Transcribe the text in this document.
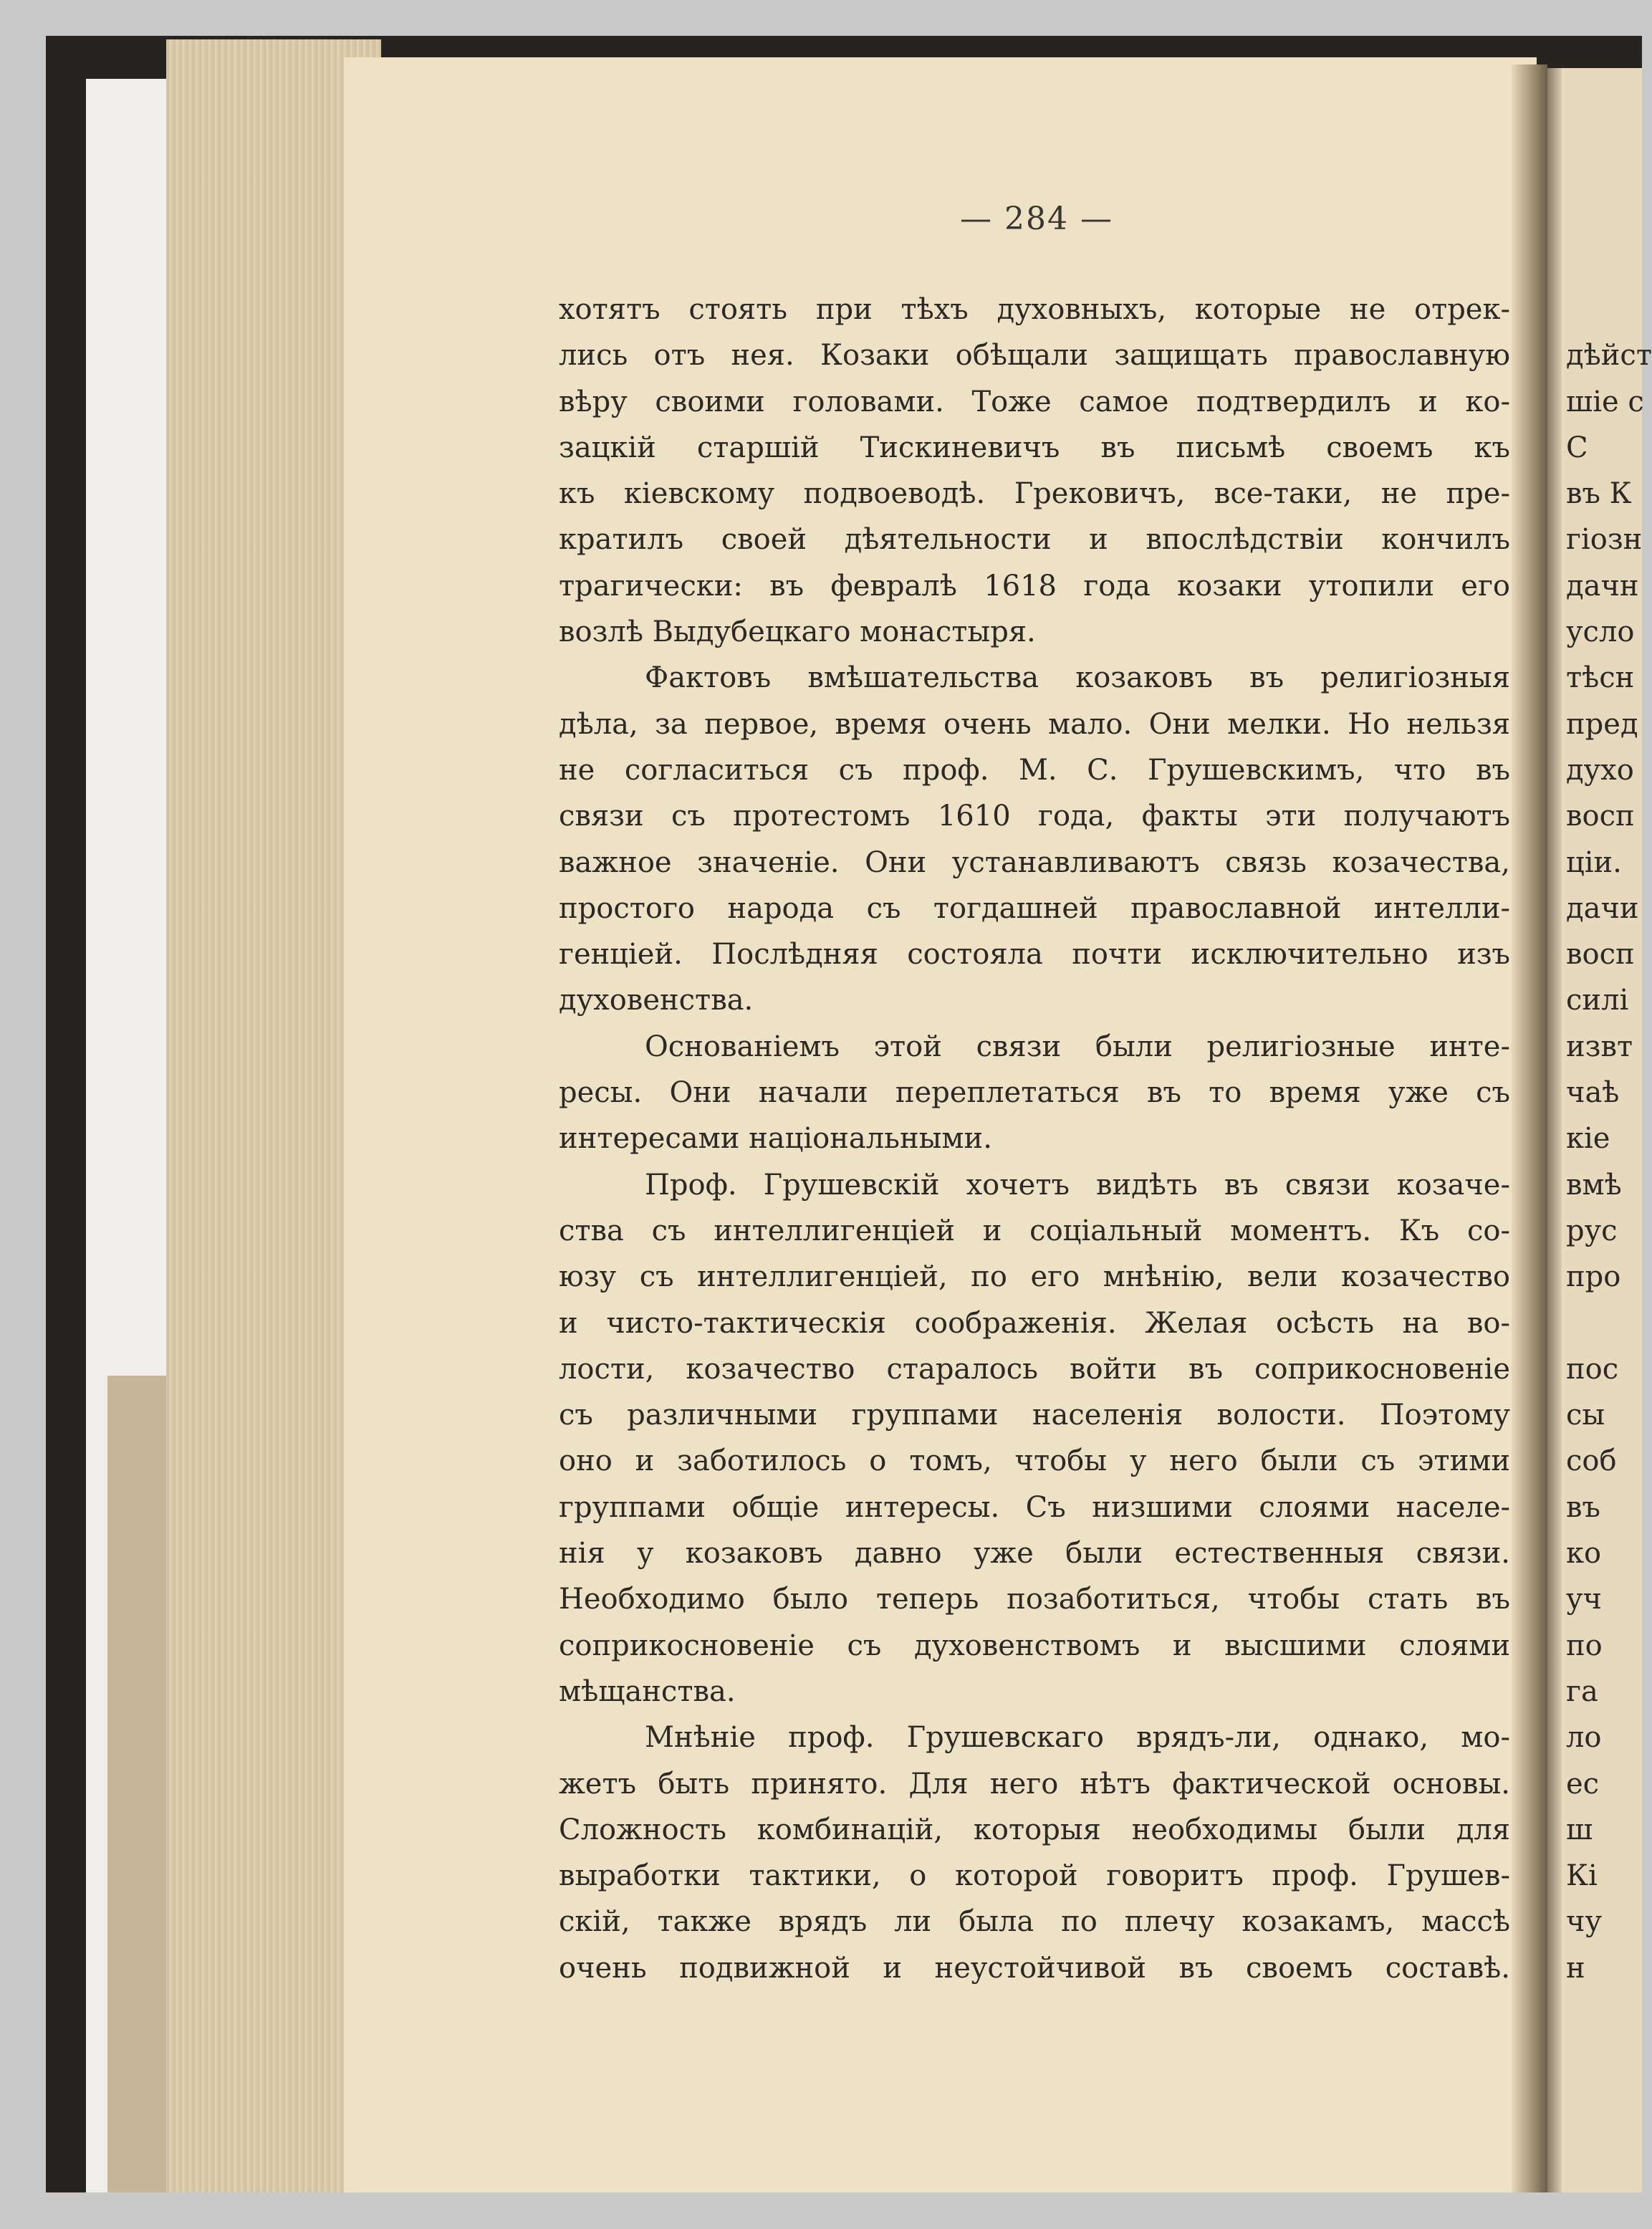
— 284 —
хотятъ стоять при тѣхъ духовныхъ, которые не отрек-
лись отъ нея. Козаки обѣщали защищать православную
вѣру своими головами. Тоже самое подтвердилъ и ко-
зацкій старшій Тискиневичъ въ письмѣ своемъ къ
къ кіевскому подвоеводѣ. Грековичъ, все-таки, не пре-
кратилъ своей дѣятельности и впослѣдствіи кончилъ
трагически: въ февралѣ 1618 года козаки утопили его
возлѣ Выдубецкаго монастыря.
Фактовъ вмѣшательства козаковъ въ религіозныя
дѣла, за первое, время очень мало. Они мелки. Но нельзя
не согласиться съ проф. М. С. Грушевскимъ, что въ
связи съ протестомъ 1610 года, факты эти получаютъ
важное значеніе. Они устанавливаютъ связь козачества,
простого народа съ тогдашней православной интелли-
генціей. Послѣдняя состояла почти исключительно изъ
духовенства.
Основаніемъ этой связи были религіозные инте-
ресы. Они начали переплетаться въ то время уже съ
интересами національными.
Проф. Грушевскій хочетъ видѣть въ связи козаче-
ства съ интеллигенціей и соціальный моментъ. Къ со-
юзу съ интеллигенціей, по его мнѣнію, вели козачество
и чисто-тактическія соображенія. Желая осѣсть на во-
лости, козачество старалось войти въ соприкосновеніе
съ различными группами населенія волости. Поэтому
оно и заботилось о томъ, чтобы у него были съ этими
группами общіе интересы. Съ низшими слоями населе-
нія у козаковъ давно уже были естественныя связи.
Необходимо было теперь позаботиться, чтобы стать въ
соприкосновеніе съ духовенствомъ и высшими слоями
мѣщанства.
Мнѣніе проф. Грушевскаго врядъ-ли, однако, мо-
жетъ быть принято. Для него нѣтъ фактической основы.
Сложность комбинацій, которыя необходимы были для
выработки тактики, о которой говоритъ проф. Грушев-
скій, также врядъ ли была по плечу козакамъ, массѣ
очень подвижной и неустойчивой въ своемъ составѣ.
дѣйст
шіе с
С
въ К
гіозн
дачн
усло
тѣсн
пред
духо
восп
ціи.
дачи
восп
силі
извт
чаѣ
кіе
вмѣ
рус
про
пос
сы
соб
въ
ко
уч
по
га
ло
ес
ш
Кі
чу
н
